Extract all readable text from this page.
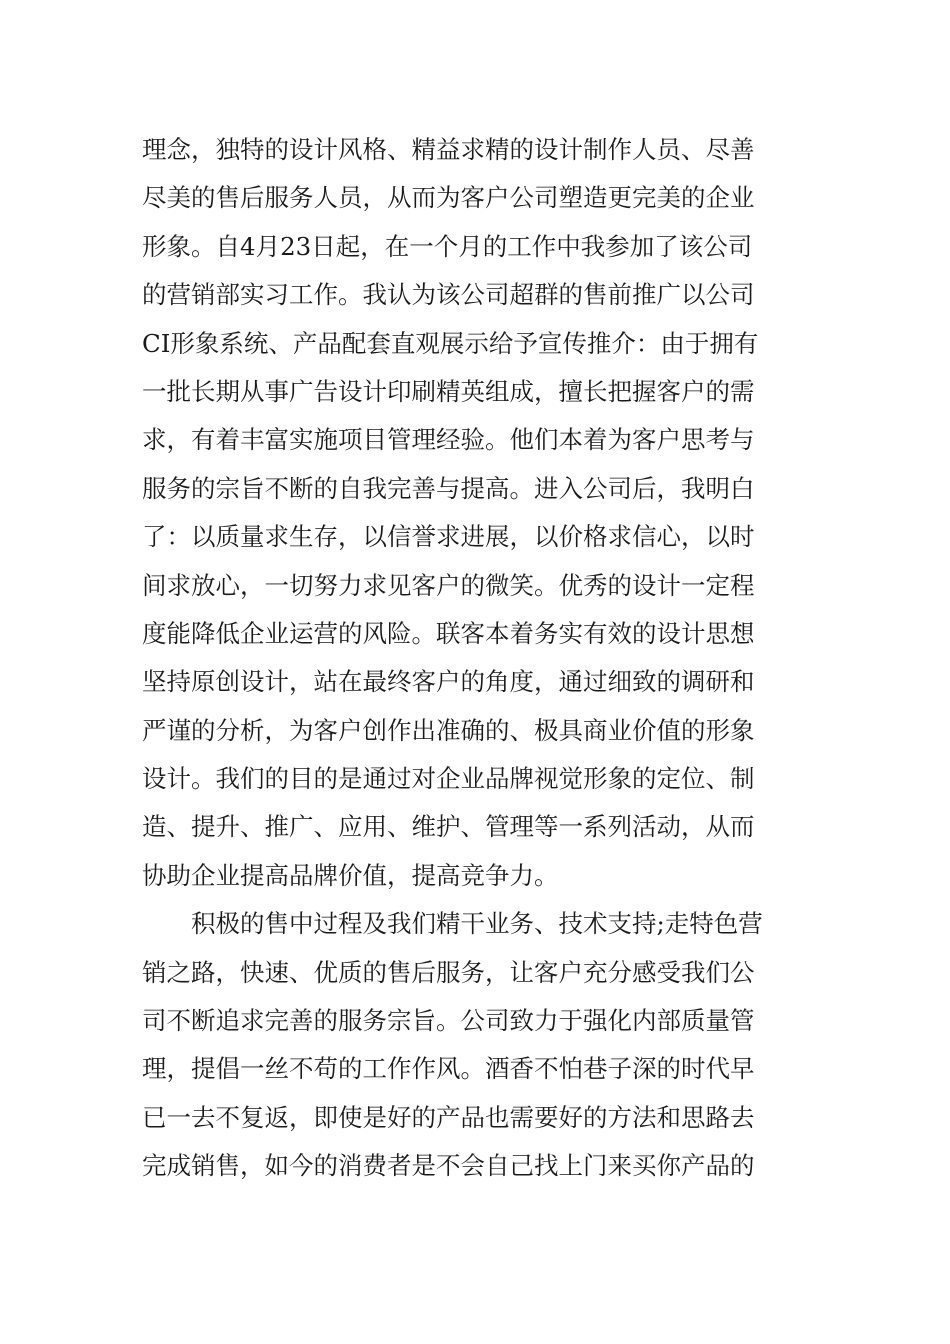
理念，独特的设计风格、精益求精的设计制作人员、尽善
尽美的售后服务人员，从而为客户公司塑造更完美的企业
形象。自4月23日起，在一个月的工作中我参加了该公司
的营销部实习工作。我认为该公司超群的售前推广以公司
CI形象系统、产品配套直观展示给予宣传推介：由于拥有
一批长期从事广告设计印刷精英组成，擅长把握客户的需
求，有着丰富实施项目管理经验。他们本着为客户思考与
服务的宗旨不断的自我完善与提高。进入公司后，我明白
了：以质量求生存，以信誉求进展，以价格求信心，以时
间求放心，一切努力求见客户的微笑。优秀的设计一定程
度能降低企业运营的风险。联客本着务实有效的设计思想
坚持原创设计，站在最终客户的角度，通过细致的调研和
严谨的分析，为客户创作出准确的、极具商业价值的形象
设计。我们的目的是通过对企业品牌视觉形象的定位、制
造、提升、推广、应用、维护、管理等一系列活动，从而
协助企业提高品牌价值，提高竞争力。
积极的售中过程及我们精干业务、技术支持;走特色营
销之路，快速、优质的售后服务，让客户充分感受我们公
司不断追求完善的服务宗旨。公司致力于强化内部质量管
理，提倡一丝不苟的工作作风。酒香不怕巷子深的时代早
已一去不复返，即使是好的产品也需要好的方法和思路去
完成销售，如今的消费者是不会自己找上门来买你产品的
